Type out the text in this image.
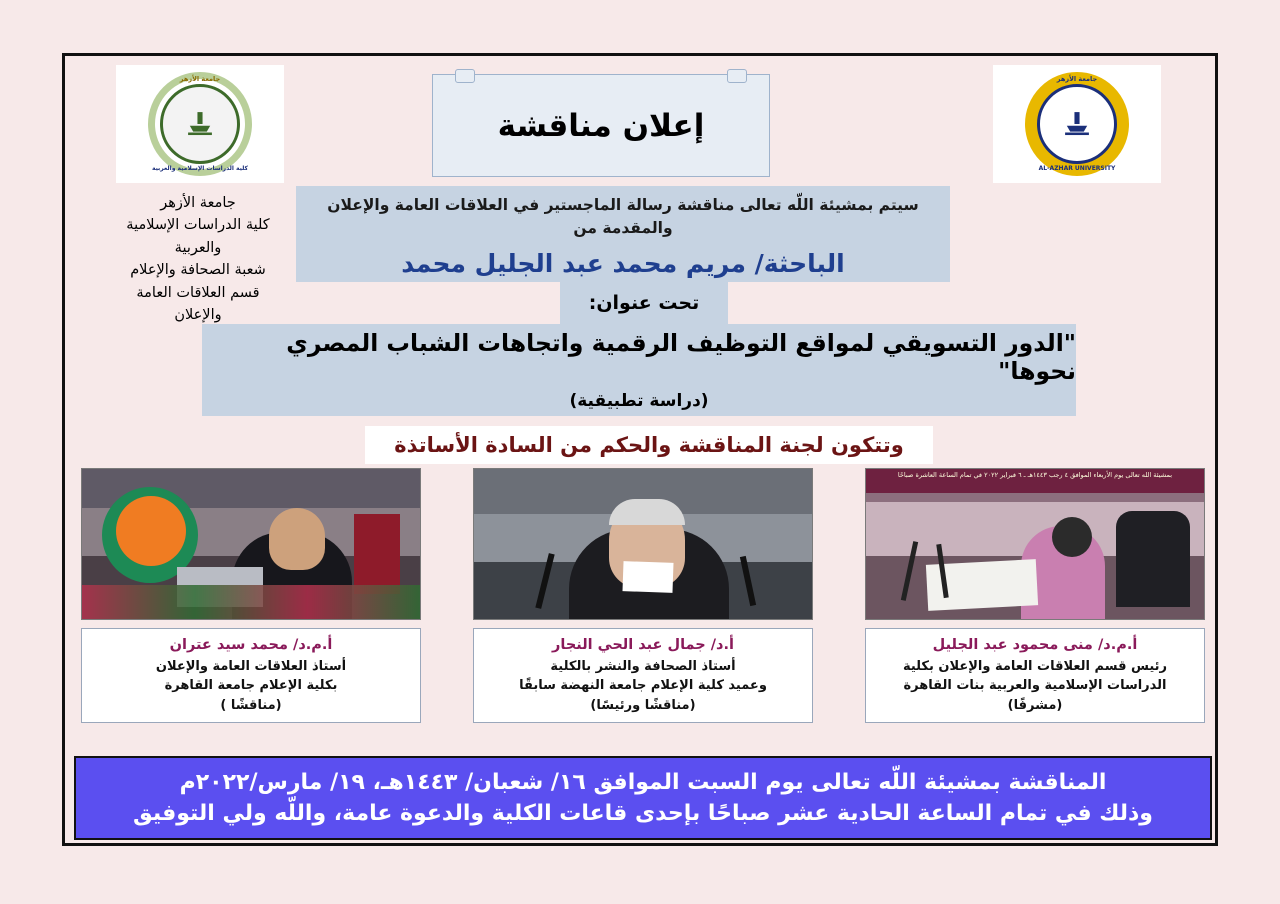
جامعة الأزهر
كلية الدراسات الإسلامية والعربية
جامعة الأزهر
AL-AZHAR UNIVERSITY
إعلان مناقشة
جامعة الأزهر
كلية الدراسات الإسلامية والعربية
شعبة الصحافة والإعلام
قسم العلاقات العامة والإعلان
سيتم بمشيئة اللّه تعالى مناقشة رسالة الماجستير في العلاقات العامة والإعلان والمقدمة من
الباحثة/ مريم محمد عبد الجليل محمد
تحت عنوان:
"الدور التسويقي لمواقع التوظيف الرقمية واتجاهات الشباب المصري نحوها"
(دراسة تطبيقية)
وتتكون لجنة المناقشة والحكم من السادة الأساتذة
بمشيئة الله تعالى يوم الأربعاء الموافق ٤ رجب ١٤٤٣هـ ـ ٦ فبراير ٢٠٢٢ في تمام الساعة العاشرة صباحًا
أ.م.د/ منى محمود عبد الجليل
رئيس قسم العلاقات العامة والإعلان بكلية
الدراسات الإسلامية والعربية بنات القاهرة
(مشرفًا)
أ.د/ جمال عبد الحي النجار
أستاذ الصحافة والنشر بالكلية
وعميد كلية الإعلام جامعة النهضة سابقًا
(مناقشًا ورئيسًا)
أ.م.د/ محمد سيد عتران
أستاذ العلاقات العامة والإعلان
بكلية الإعلام جامعة القاهرة
(مناقشًا )
المناقشة بمشيئة اللّه تعالى يوم السبت الموافق ١٦/ شعبان/ ١٤٤٣هـ، ١٩/ مارس/٢٠٢٢م
وذلك في تمام الساعة الحادية عشر صباحًا بإحدى قاعات الكلية والدعوة عامة، واللّه ولي التوفيق
